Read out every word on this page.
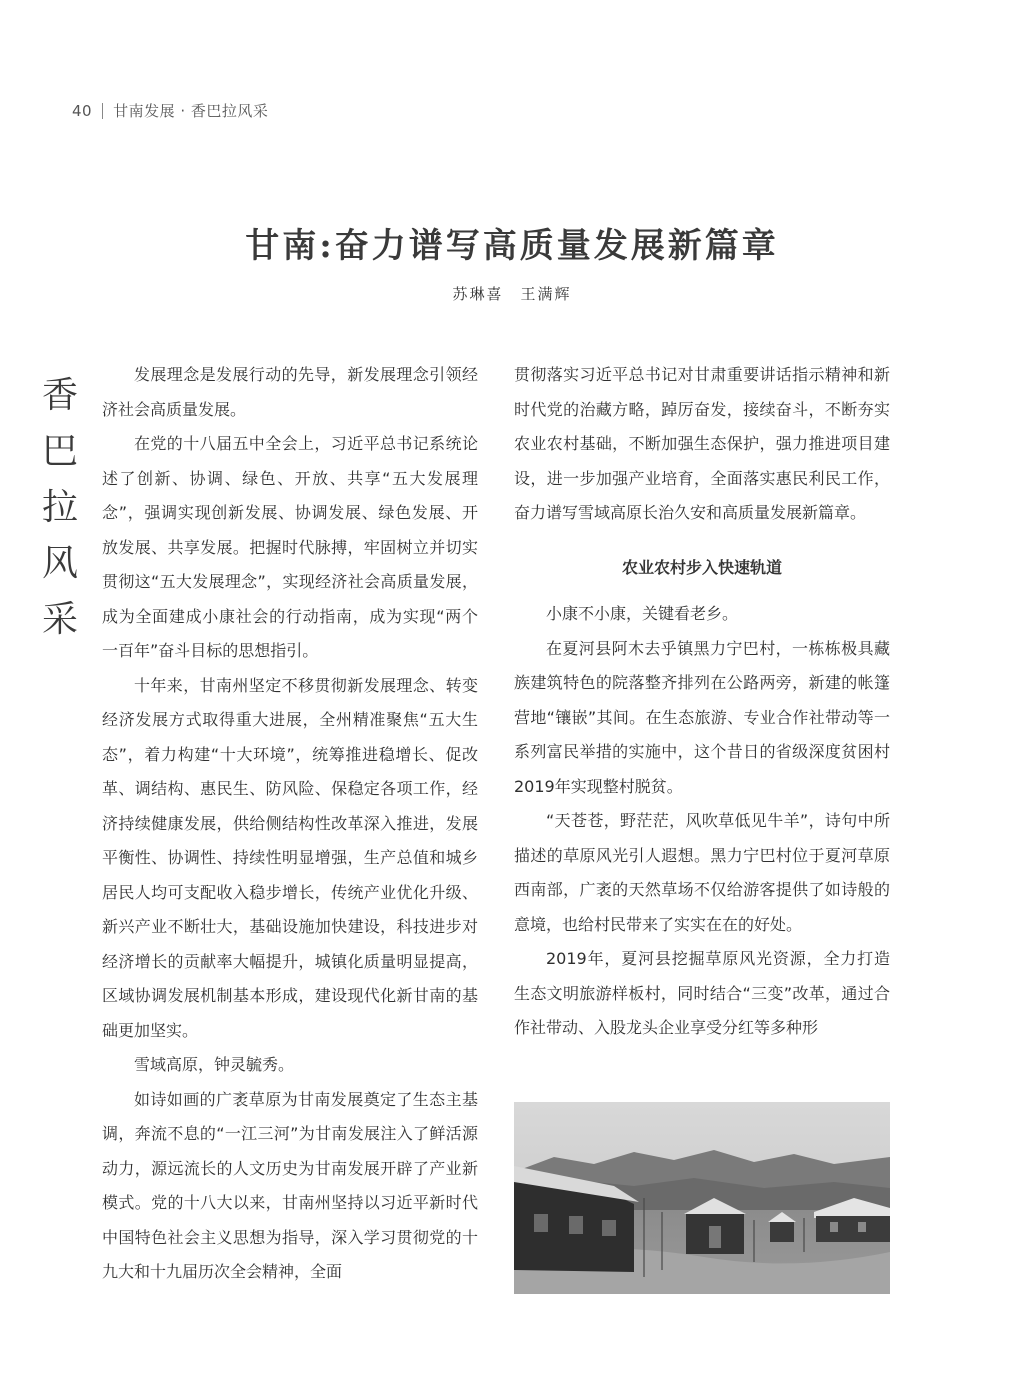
40 甘南发展 · 香巴拉风采
甘南:奋力谱写高质量发展新篇章
苏琳喜　王满辉
香
巴
拉
风
采

发展理念是发展行动的先导，新发展理念引领经济社会高质量发展。

在党的十八届五中全会上，习近平总书记系统论述了创新、协调、绿色、开放、共享“五大发展理念”，强调实现创新发展、协调发展、绿色发展、开放发展、共享发展。把握时代脉搏，牢固树立并切实贯彻这“五大发展理念”，实现经济社会高质量发展，成为全面建成小康社会的行动指南，成为实现“两个一百年”奋斗目标的思想指引。

十年来，甘南州坚定不移贯彻新发展理念、转变经济发展方式取得重大进展，全州精准聚焦“五大生态”，着力构建“十大环境”，统筹推进稳增长、促改革、调结构、惠民生、防风险、保稳定各项工作，经济持续健康发展，供给侧结构性改革深入推进，发展平衡性、协调性、持续性明显增强，生产总值和城乡居民人均可支配收入稳步增长，传统产业优化升级、新兴产业不断壮大，基础设施加快建设，科技进步对经济增长的贡献率大幅提升，城镇化质量明显提高，区域协调发展机制基本形成，建设现代化新甘南的基础更加坚实。

雪域高原，钟灵毓秀。

如诗如画的广袤草原为甘南发展奠定了生态主基调，奔流不息的“一江三河”为甘南发展注入了鲜活源动力，源远流长的人文历史为甘南发展开辟了产业新模式。党的十八大以来，甘南州坚持以习近平新时代中国特色社会主义思想为指导，深入学习贯彻党的十九大和十九届历次全会精神，全面

贯彻落实习近平总书记对甘肃重要讲话指示精神和新时代党的治藏方略，踔厉奋发，接续奋斗，不断夯实农业农村基础，不断加强生态保护，强力推进项目建设，进一步加强产业培育，全面落实惠民利民工作，奋力谱写雪域高原长治久安和高质量发展新篇章。

农业农村步入快速轨道

小康不小康，关键看老乡。

在夏河县阿木去乎镇黑力宁巴村，一栋栋极具藏族建筑特色的院落整齐排列在公路两旁，新建的帐篷营地“镶嵌”其间。在生态旅游、专业合作社带动等一系列富民举措的实施中，这个昔日的省级深度贫困村2019年实现整村脱贫。

“天苍苍，野茫茫，风吹草低见牛羊”，诗句中所描述的草原风光引人遐想。黑力宁巴村位于夏河草原西南部，广袤的天然草场不仅给游客提供了如诗般的意境，也给村民带来了实实在在的好处。

2019年，夏河县挖掘草原风光资源，全力打造生态文明旅游样板村，同时结合“三变”改革，通过合作社带动、入股龙头企业享受分红等多种形
